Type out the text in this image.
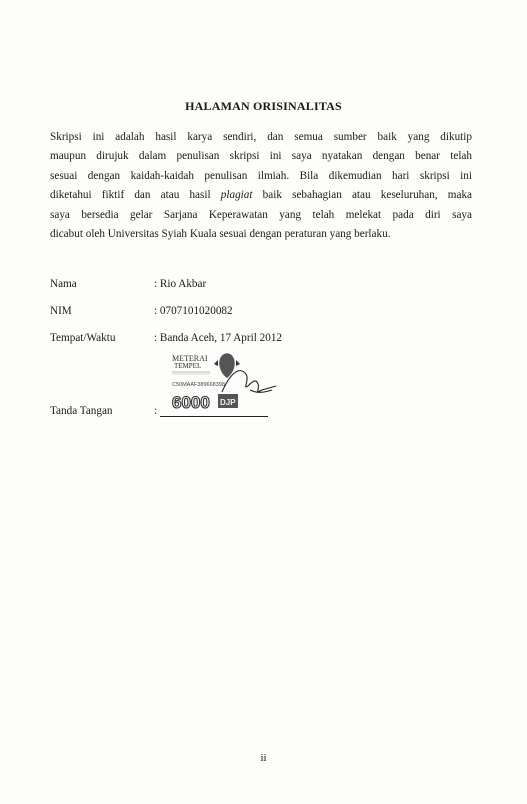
HALAMAN ORISINALITAS
Skripsi ini adalah hasil karya sendiri, dan semua sumber baik yang dikutip
maupun dirujuk dalam penulisan skripsi ini saya nyatakan dengan benar telah
sesuai dengan kaidah-kaidah penulisan ilmiah. Bila dikemudian hari skripsi ini
diketahui fiktif dan atau hasil plagiat baik sebahagian atau keseluruhan, maka
saya bersedia gelar Sarjana Keperawatan yang telah melekat pada diri saya
dicabut oleh Universitas Syiah Kuala sesuai dengan peraturan yang berlaku.
Nama	: Rio Akbar
NIM	: 0707101020082
Tempat/Waktu	: Banda Aceh, 17 April 2012
Tanda Tangan	:
METERAI
TEMPEL
C50MAAF389668398
6000 DJP
ii
